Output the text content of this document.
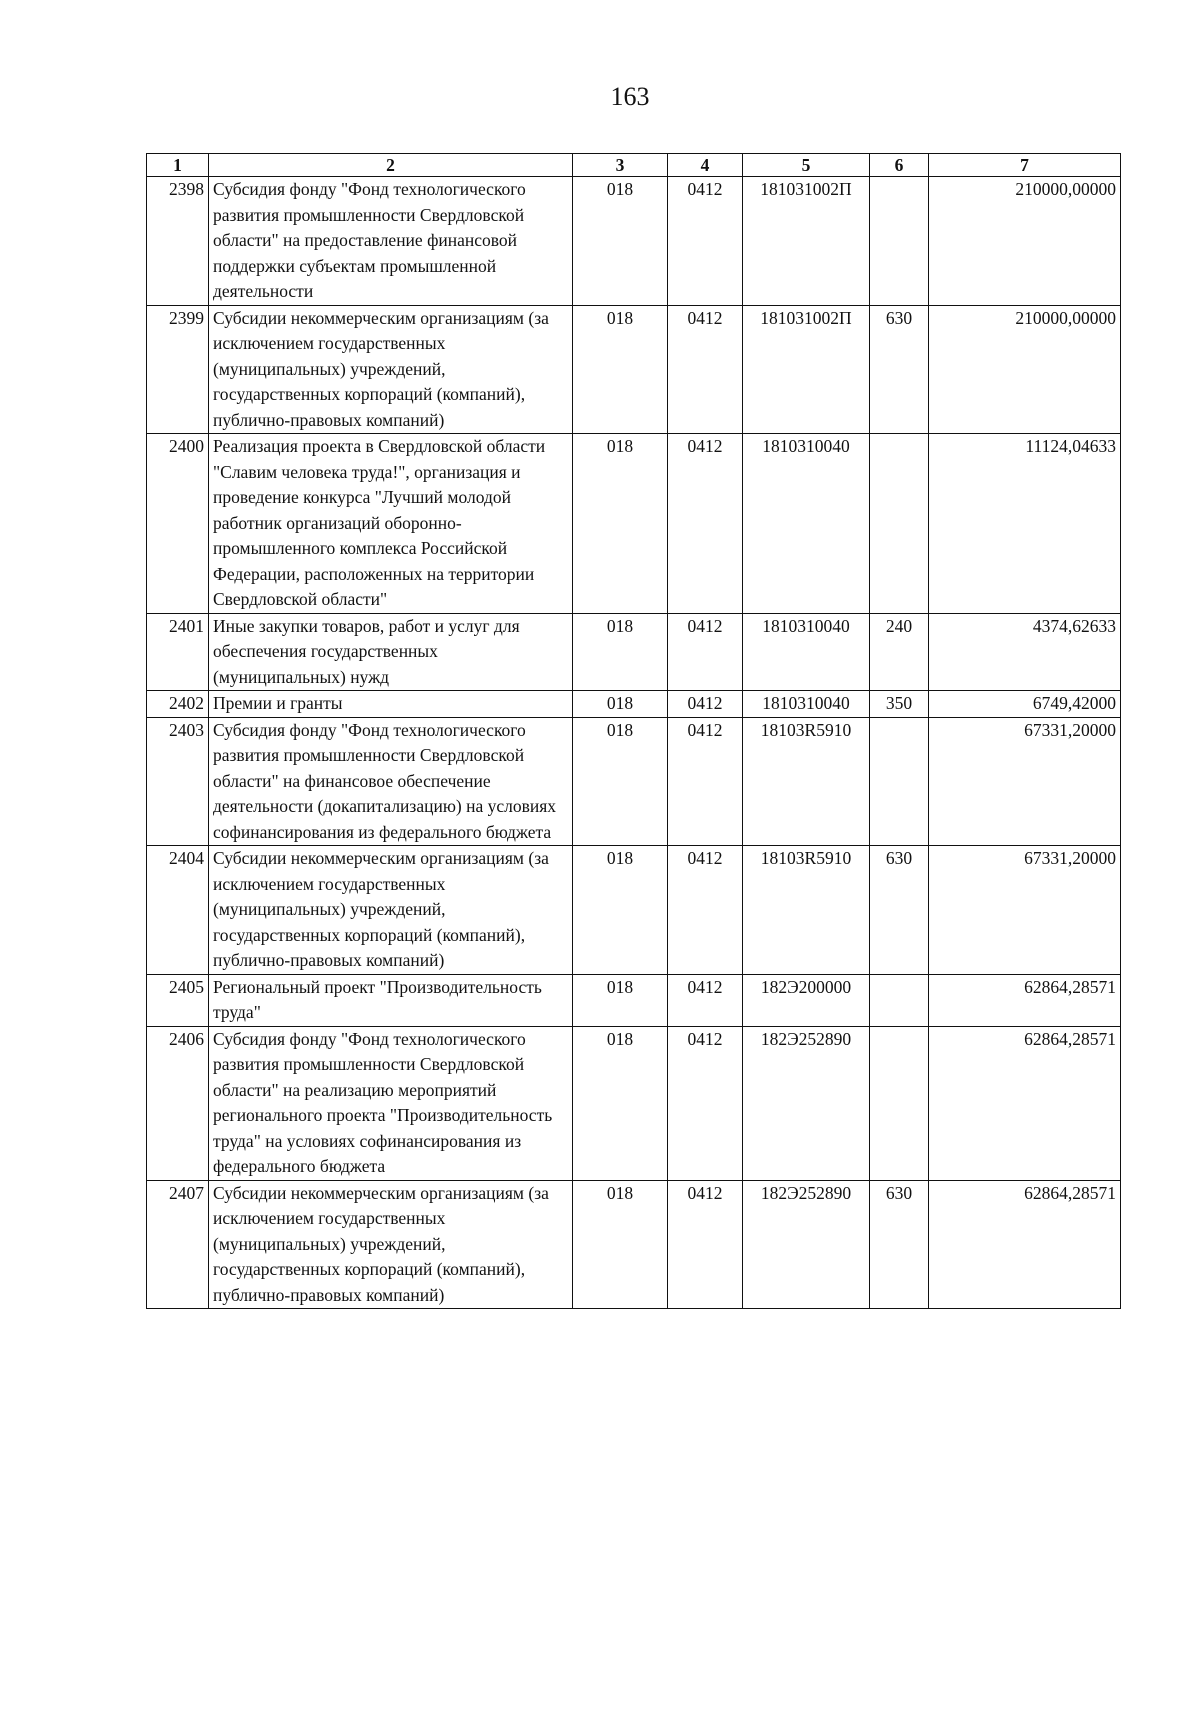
163
1	2	3	4	5	6	7
2398	Субсидия фонду "Фонд технологического развития промышленности Свердловской области" на предоставление финансовой поддержки субъектам промышленной деятельности	018	0412	181031002П		210000,00000
2399	Субсидии некоммерческим организациям (за исключением государственных (муниципальных) учреждений, государственных корпораций (компаний), публично-правовых компаний)	018	0412	181031002П	630	210000,00000
2400	Реализация проекта в Свердловской области "Славим человека труда!", организация и проведение конкурса "Лучший молодой работник организаций оборонно-промышленного комплекса Российской Федерации, расположенных на территории Свердловской области"	018	0412	1810310040		11124,04633
2401	Иные закупки товаров, работ и услуг для обеспечения государственных (муниципальных) нужд	018	0412	1810310040	240	4374,62633
2402	Премии и гранты	018	0412	1810310040	350	6749,42000
2403	Субсидия фонду "Фонд технологического развития промышленности Свердловской области" на финансовое обеспечение деятельности (докапитализацию) на условиях софинансирования из федерального бюджета	018	0412	18103R5910		67331,20000
2404	Субсидии некоммерческим организациям (за исключением государственных (муниципальных) учреждений, государственных корпораций (компаний), публично-правовых компаний)	018	0412	18103R5910	630	67331,20000
2405	Региональный проект "Производительность труда"	018	0412	182Э200000		62864,28571
2406	Субсидия фонду "Фонд технологического развития промышленности Свердловской области" на реализацию мероприятий регионального проекта "Производительность труда" на условиях софинансирования из федерального бюджета	018	0412	182Э252890		62864,28571
2407	Субсидии некоммерческим организациям (за исключением государственных (муниципальных) учреждений, государственных корпораций (компаний), публично-правовых компаний)	018	0412	182Э252890	630	62864,28571
